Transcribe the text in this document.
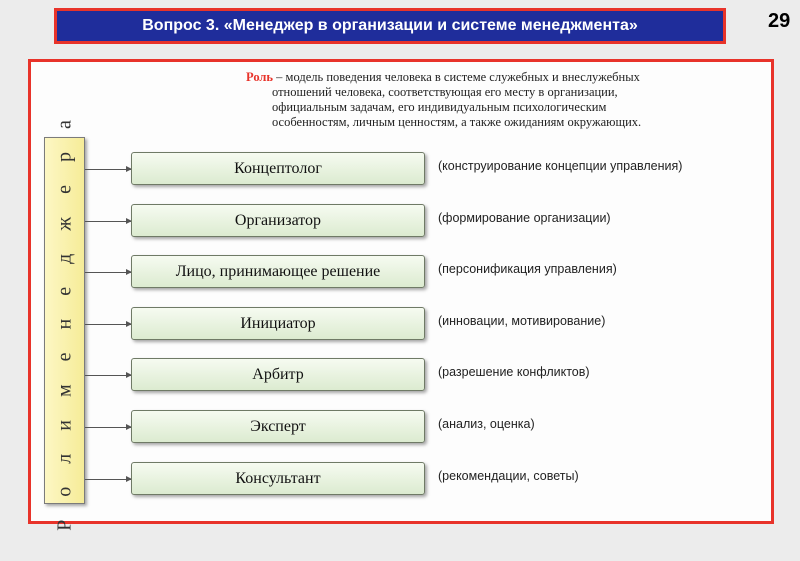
Вопрос 3. «Менеджер в организации и системе менеджмента»	29
Роль – модель поведения человека в системе служебных и внеслужебных
отношений человека, соответствующая его месту в организации,
официальным задачам, его индивидуальным психологическим
особенностям, личным ценностям, а также ожиданиям окружающих.
Р о л и м е н е д ж е р а	Концептолог	(конструирование концепции управления)
Организатор	(формирование организации)
Лицо, принимающее решение	(персонификация управления)
Инициатор	(инновации, мотивирование)
Арбитр	(разрешение конфликтов)
Эксперт	(анализ, оценка)
Консультант	(рекомендации, советы)
